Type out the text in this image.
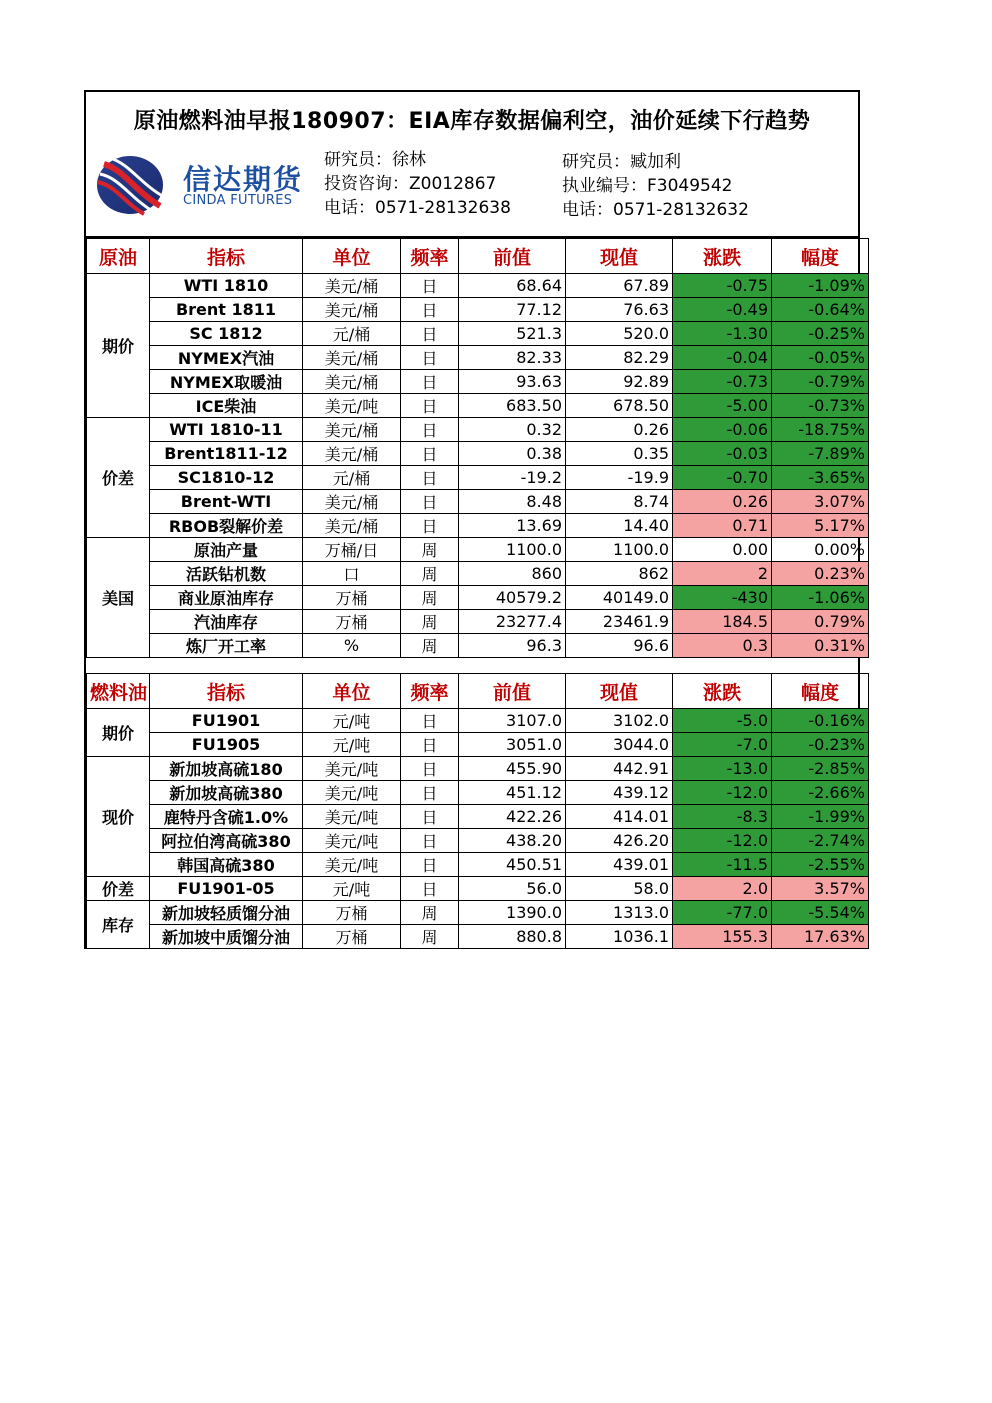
原油燃料油早报180907：EIA库存数据偏利空，油价延续下行趋势
信达期货
CINDA FUTURES
研究员：徐林
投资咨询：Z0012867
电话：0571-28132638
研究员：臧加利
执业编号：F3049542
电话：0571-28132632
原油	指标	单位	频率	前值	现值	涨跌	幅度
期价	WTI 1810	美元/桶	日	68.64	67.89	-0.75	-1.09%
	Brent 1811	美元/桶	日	77.12	76.63	-0.49	-0.64%
	SC 1812	元/桶	日	521.3	520.0	-1.30	-0.25%
	NYMEX汽油	美元/桶	日	82.33	82.29	-0.04	-0.05%
	NYMEX取暖油	美元/桶	日	93.63	92.89	-0.73	-0.79%
	ICE柴油	美元/吨	日	683.50	678.50	-5.00	-0.73%
价差	WTI 1810-11	美元/桶	日	0.32	0.26	-0.06	-18.75%
	Brent1811-12	美元/桶	日	0.38	0.35	-0.03	-7.89%
	SC1810-12	元/桶	日	-19.2	-19.9	-0.70	-3.65%
	Brent-WTI	美元/桶	日	8.48	8.74	0.26	3.07%
	RBOB裂解价差	美元/桶	日	13.69	14.40	0.71	5.17%
美国	原油产量	万桶/日	周	1100.0	1100.0	0.00	0.00%
	活跃钻机数	口	周	860	862	2	0.23%
	商业原油库存	万桶	周	40579.2	40149.0	-430	-1.06%
	汽油库存	万桶	周	23277.4	23461.9	184.5	0.79%
	炼厂开工率	%	周	96.3	96.6	0.3	0.31%

燃料油	指标	单位	频率	前值	现值	涨跌	幅度
期价	FU1901	元/吨	日	3107.0	3102.0	-5.0	-0.16%
	FU1905	元/吨	日	3051.0	3044.0	-7.0	-0.23%
现价	新加坡高硫180	美元/吨	日	455.90	442.91	-13.0	-2.85%
	新加坡高硫380	美元/吨	日	451.12	439.12	-12.0	-2.66%
	鹿特丹含硫1.0%	美元/吨	日	422.26	414.01	-8.3	-1.99%
	阿拉伯湾高硫380	美元/吨	日	438.20	426.20	-12.0	-2.74%
	韩国高硫380	美元/吨	日	450.51	439.01	-11.5	-2.55%
价差	FU1901-05	元/吨	日	56.0	58.0	2.0	3.57%
库存	新加坡轻质馏分油	万桶	周	1390.0	1313.0	-77.0	-5.54%
	新加坡中质馏分油	万桶	周	880.8	1036.1	155.3	17.63%
